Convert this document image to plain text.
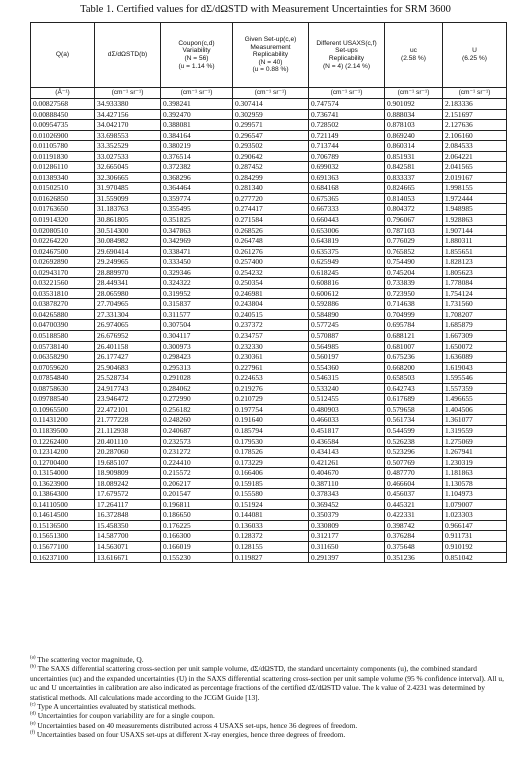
Table 1. Certified values for dΣ/dΩSTD with Measurement Uncertainties for SRM 3600
Q(a)	dΣ/dΩSTD(b)	Coupon(c,d)
Variability
(N = 56)
(u = 1.14 %)	Given Set-up(c,e)
Measurement
Replicability
(N = 40)
(u = 0.88 %)	Different USAXS(c,f)
Set-ups
Replicability
(N = 4) (2.14 %)	uc
(2.58 %)	U
(6.25 %)

(Å⁻¹)	(cm⁻¹ sr⁻¹)	(cm⁻¹ sr⁻¹)	(cm⁻¹ sr⁻¹)	(cm⁻¹ sr⁻¹)	(cm⁻¹ sr⁻¹)	(cm⁻¹ sr⁻¹)
0.00827568	34.933380	0.398241	0.307414	0.747574	0.901092	2.183336
0.00888450	34.427156	0.392470	0.302959	0.736741	0.888034	2.151697
0.00954735	34.042170	0.388081	0.299571	0.728502	0.878103	2.127636
0.01026900	33.698553	0.384164	0.296547	0.721149	0.869240	2.106160
0.01105780	33.352529	0.380219	0.293502	0.713744	0.860314	2.084533
0.01191830	33.027533	0.376514	0.290642	0.706789	0.851931	2.064221
0.01286110	32.665045	0.372382	0.287452	0.699032	0.842581	2.041565
0.01389340	32.306665	0.368296	0.284299	0.691363	0.833337	2.019167
0.01502510	31.970485	0.364464	0.281340	0.684168	0.824665	1.998155
0.01626850	31.559099	0.359774	0.277720	0.675365	0.814053	1.972444
0.01763650	31.183763	0.355495	0.274417	0.667333	0.804372	1.948985
0.01914320	30.861805	0.351825	0.271584	0.660443	0.796067	1.928863
0.02080510	30.514300	0.347863	0.268526	0.653006	0.787103	1.907144
0.02264220	30.084982	0.342969	0.264748	0.643819	0.776029	1.880311
0.02467500	29.690414	0.338471	0.261276	0.635375	0.765852	1.855651
0.02692890	29.249965	0.333450	0.257400	0.625949	0.754490	1.828123
0.02943170	28.889970	0.329346	0.254232	0.618245	0.745204	1.805623
0.03221560	28.449341	0.324322	0.250354	0.608816	0.733839	1.778084
0.03531810	28.065980	0.319952	0.246981	0.600612	0.723950	1.754124
0.03878270	27.704965	0.315837	0.243804	0.592886	0.714638	1.731560
0.04265880	27.331304	0.311577	0.240515	0.584890	0.704999	1.708207
0.04700390	26.974065	0.307504	0.237372	0.577245	0.695784	1.685879
0.05188580	26.676952	0.304117	0.234757	0.570887	0.688121	1.667309
0.05738140	26.401158	0.300973	0.232330	0.564985	0.681007	1.650072
0.06358290	26.177427	0.298423	0.230361	0.560197	0.675236	1.636089
0.07059620	25.904683	0.295313	0.227961	0.554360	0.668200	1.619043
0.07854840	25.528734	0.291028	0.224653	0.546315	0.658503	1.595546
0.08758630	24.917743	0.284062	0.219276	0.533240	0.642743	1.557359
0.09788540	23.946472	0.272990	0.210729	0.512455	0.617689	1.496655
0.10965500	22.472101	0.256182	0.197754	0.480903	0.579658	1.404506
0.11431200	21.777228	0.248260	0.191640	0.466033	0.561734	1.361077
0.11839500	21.112938	0.240687	0.185794	0.451817	0.544599	1.319559
0.12262400	20.401110	0.232573	0.179530	0.436584	0.526238	1.275069
0.12314200	20.287060	0.231272	0.178526	0.434143	0.523296	1.267941
0.12700400	19.685107	0.224410	0.173229	0.421261	0.507769	1.230319
0.13154000	18.909809	0.215572	0.166406	0.404670	0.487770	1.181863
0.13623900	18.089242	0.206217	0.159185	0.387110	0.466604	1.130578
0.13864300	17.679572	0.201547	0.155580	0.378343	0.456037	1.104973
0.14110500	17.264117	0.196811	0.151924	0.369452	0.445321	1.079007
0.14614500	16.372848	0.186650	0.144081	0.350379	0.422331	1.023303
0.15136500	15.458350	0.176225	0.136033	0.330809	0.398742	0.966147
0.15651300	14.587700	0.166300	0.128372	0.312177	0.376284	0.911731
0.15677100	14.563071	0.166019	0.128155	0.311650	0.375648	0.910192
0.16237100	13.616671	0.155230	0.119827	0.291397	0.351236	0.851042

$^{(a)}$ The scattering vector magnitude, Q.

$^{(b)}$ The SAXS differential scattering cross-section per unit sample volume, dΣ/dΩSTD, the standard uncertainty components (u), the combined standard uncertainties (uc) and the expanded uncertainties (U) in the SAXS differential scattering cross-section per unit sample volume (95 % confidence interval). All u, uc and U uncertainties in calibration are also indicated as percentage fractions of the certified dΣ/dΩSTD value. The k value of 2.4231 was determined by statistical methods. All calculations made according to the JCGM Guide [13].

$^{(c)}$ Type A uncertainties evaluated by statistical methods.

$^{(d)}$ Uncertainties for coupon variability are for a single coupon.

$^{(e)}$ Uncertainties based on 40 measurements distributed across 4 USAXS set-ups, hence 36 degrees of freedom.

$^{(f)}$ Uncertainties based on four USAXS set-ups at different X-ray energies, hence three degrees of freedom.
